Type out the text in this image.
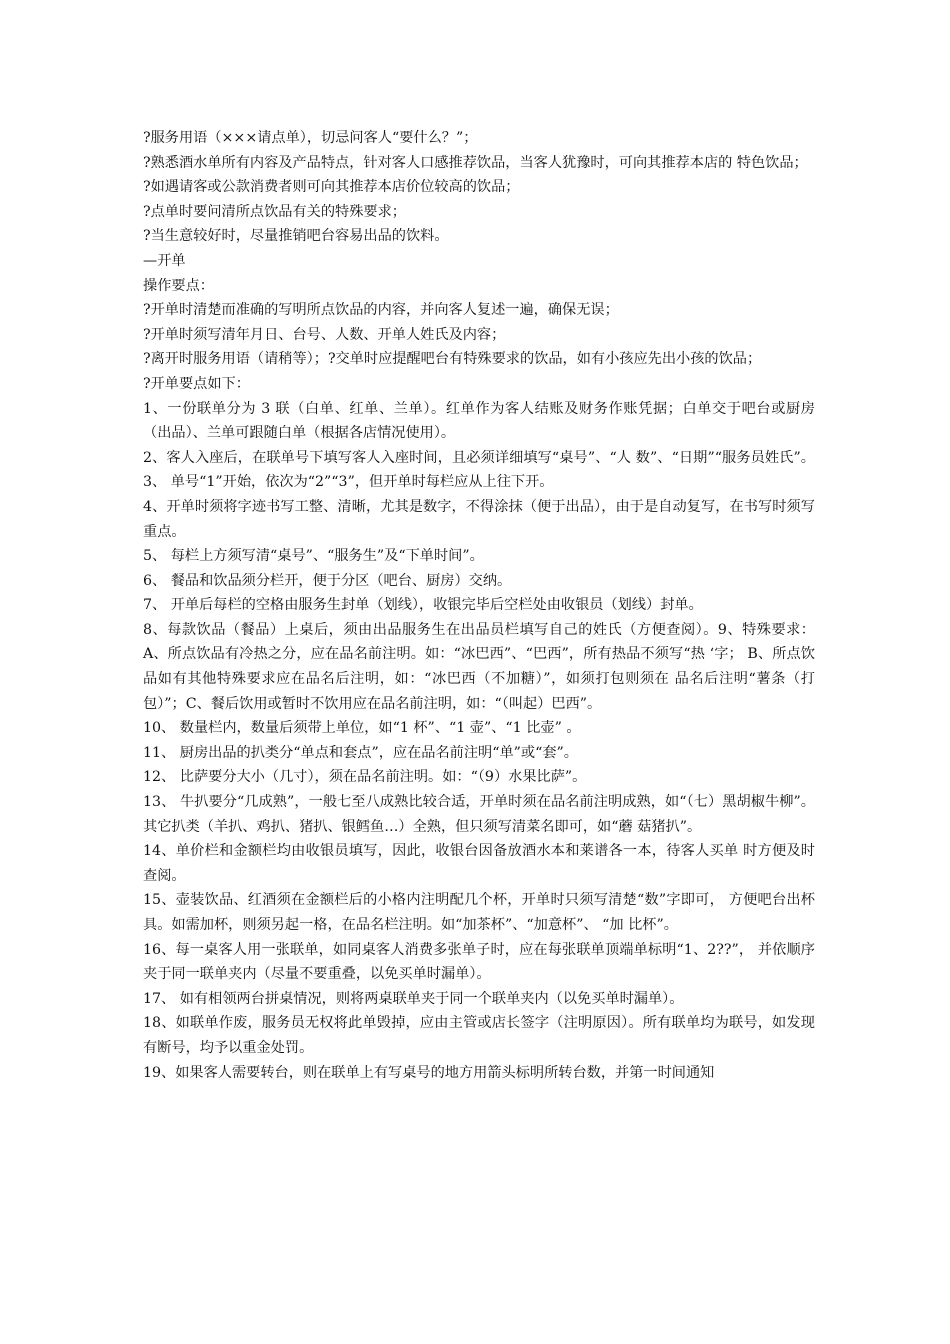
?服务用语（×××请点单），切忌问客人“要什么？”；

?熟悉酒水单所有内容及产品特点，针对客人口感推荐饮品，当客人犹豫时，可向其推荐本店的 特色饮品；

?如遇请客或公款消费者则可向其推荐本店价位较高的饮品；

?点单时要问清所点饮品有关的特殊要求；

?当生意较好时，尽量推销吧台容易出品的饮料。

—开单

操作要点：

?开单时清楚而准确的写明所点饮品的内容，并向客人复述一遍，确保无误；

?开单时须写清年月日、台号、人数、开单人姓氏及内容；

?离开时服务用语（请稍等）；?交单时应提醒吧台有特殊要求的饮品，如有小孩应先出小孩的饮品；

?开单要点如下：

1、一份联单分为 3 联（白单、红单、兰单）。红单作为客人结账及财务作账凭据；白单交于吧台或厨房（出品）、兰单可跟随白单（根据各店情况使用）。

2、客人入座后，在联单号下填写客人入座时间，且必须详细填写“桌号”、“人 数”、“日期”“服务员姓氏”。 3、 单号“1”开始，依次为“2”“3”，但开单时每栏应从上往下开。

4、开单时须将字迹书写工整、清晰，尤其是数字，不得涂抹（便于出品），由于是自动复写，在书写时须写重点。

5、 每栏上方须写清“桌号”、“服务生”及“下单时间”。

6、 餐品和饮品须分栏开，便于分区（吧台、厨房）交纳。

7、 开单后每栏的空格由服务生封单（划线），收银完毕后空栏处由收银员（划线）封单。

8、每款饮品（餐品）上桌后，须由出品服务生在出品员栏填写自己的姓氏（方便查阅）。9、特殊要求：A、所点饮品有冷热之分，应在品名前注明。如：“冰巴西”、“巴西”，所有热品不须写“热 ‘字； B、所点饮品如有其他特殊要求应在品名后注明，如：“冰巴西（不加糖）”，如须打包则须在 品名后注明“薯条（打包）”；C、餐后饮用或暂时不饮用应在品名前注明，如：“（叫起）巴西”。

10、 数量栏内，数量后须带上单位，如“1 杯”、“1 壶”、“1 比壶” 。

11、 厨房出品的扒类分“单点和套点”，应在品名前注明“单”或“套”。

12、 比萨要分大小（几寸），须在品名前注明。如：“（9）水果比萨”。

13、 牛扒要分“几成熟”，一般七至八成熟比较合适，开单时须在品名前注明成熟，如“（七）黑胡椒牛柳”。其它扒类（羊扒、鸡扒、猪扒、银鳕鱼…）全熟，但只须写清菜名即可，如“蘑 菇猪扒”。

14、单价栏和金额栏均由收银员填写，因此，收银台因备放酒水本和莱谱各一本，待客人买单 时方便及时查阅。

15、壶装饮品、红酒须在金额栏后的小格内注明配几个杯，开单时只须写清楚“数”字即可， 方便吧台出杯具。如需加杯，则须另起一格，在品名栏注明。如“加茶杯”、“加意杯”、 “加 比杯”。

16、每一桌客人用一张联单，如同桌客人消费多张单子时，应在每张联单顶端单标明“1、2??”， 并依顺序夹于同一联单夹内（尽量不要重叠，以免买单时漏单）。

17、 如有相领两台拼桌情况，则将两桌联单夹于同一个联单夹内（以免买单时漏单）。

18、如联单作废，服务员无权将此单毁掉，应由主管或店长签字（注明原因）。所有联单均为联号，如发现有断号，均予以重金处罚。

19、如果客人需要转台，则在联单上有写桌号的地方用箭头标明所转台数，并第一时间通知
